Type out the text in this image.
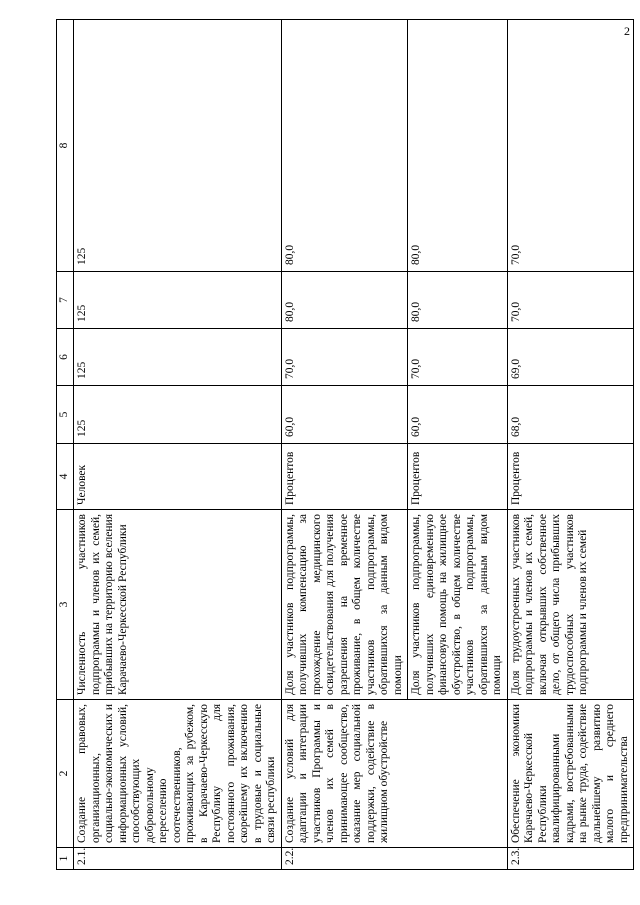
2
1	2	3	4	5	6	7	8
2.1.	Создание правовых, организационных, социально-экономических и информационных условий, способствующих добровольному переселению соотечественников, проживающих за рубежом, в Карачаево-Черкесскую Республику для постоянного проживания, скорейшему их включению в трудовые и социальные связи республики	Численность участников подпрограммы и членов их семей, прибывших на территорию вселения Карачаево-Черкесской Республики	Человек	125	125	125	125
2.2.	Создание условий для адаптации и интеграции участников Программы и членов их семей в принимающее сообщество, оказание мер социальной поддержки, содействие в жилищном обустройстве	Доля участников подпрограммы, получивших компенсацию за прохождение медицинского освидетельствования для получения разрешения на временное проживание, в общем количестве участников подпрограммы, обратившихся за данным видом помощи	Процентов	60,0	70,0	80,0	80,0
		Доля участников подпрограммы, получивших единовременную финансовую помощь на жилищное обустройство, в общем количестве участников подпрограммы, обратившихся за данным видом помощи	Процентов	60,0	70,0	80,0	80,0
2.3.	Обеспечение экономики Карачаево-Черкесской Республики квалифицированными кадрами, востребованными на рынке труда, содействие дальнейшему развитию малого и среднего предпринимательства	Доля трудоустроенных участников подпрограммы и членов их семей, включая открывших собственное дело, от общего числа прибывших трудоспособных участников подпрограммы и членов их семей	Процентов	68,0	69,0	70,0	70,0
